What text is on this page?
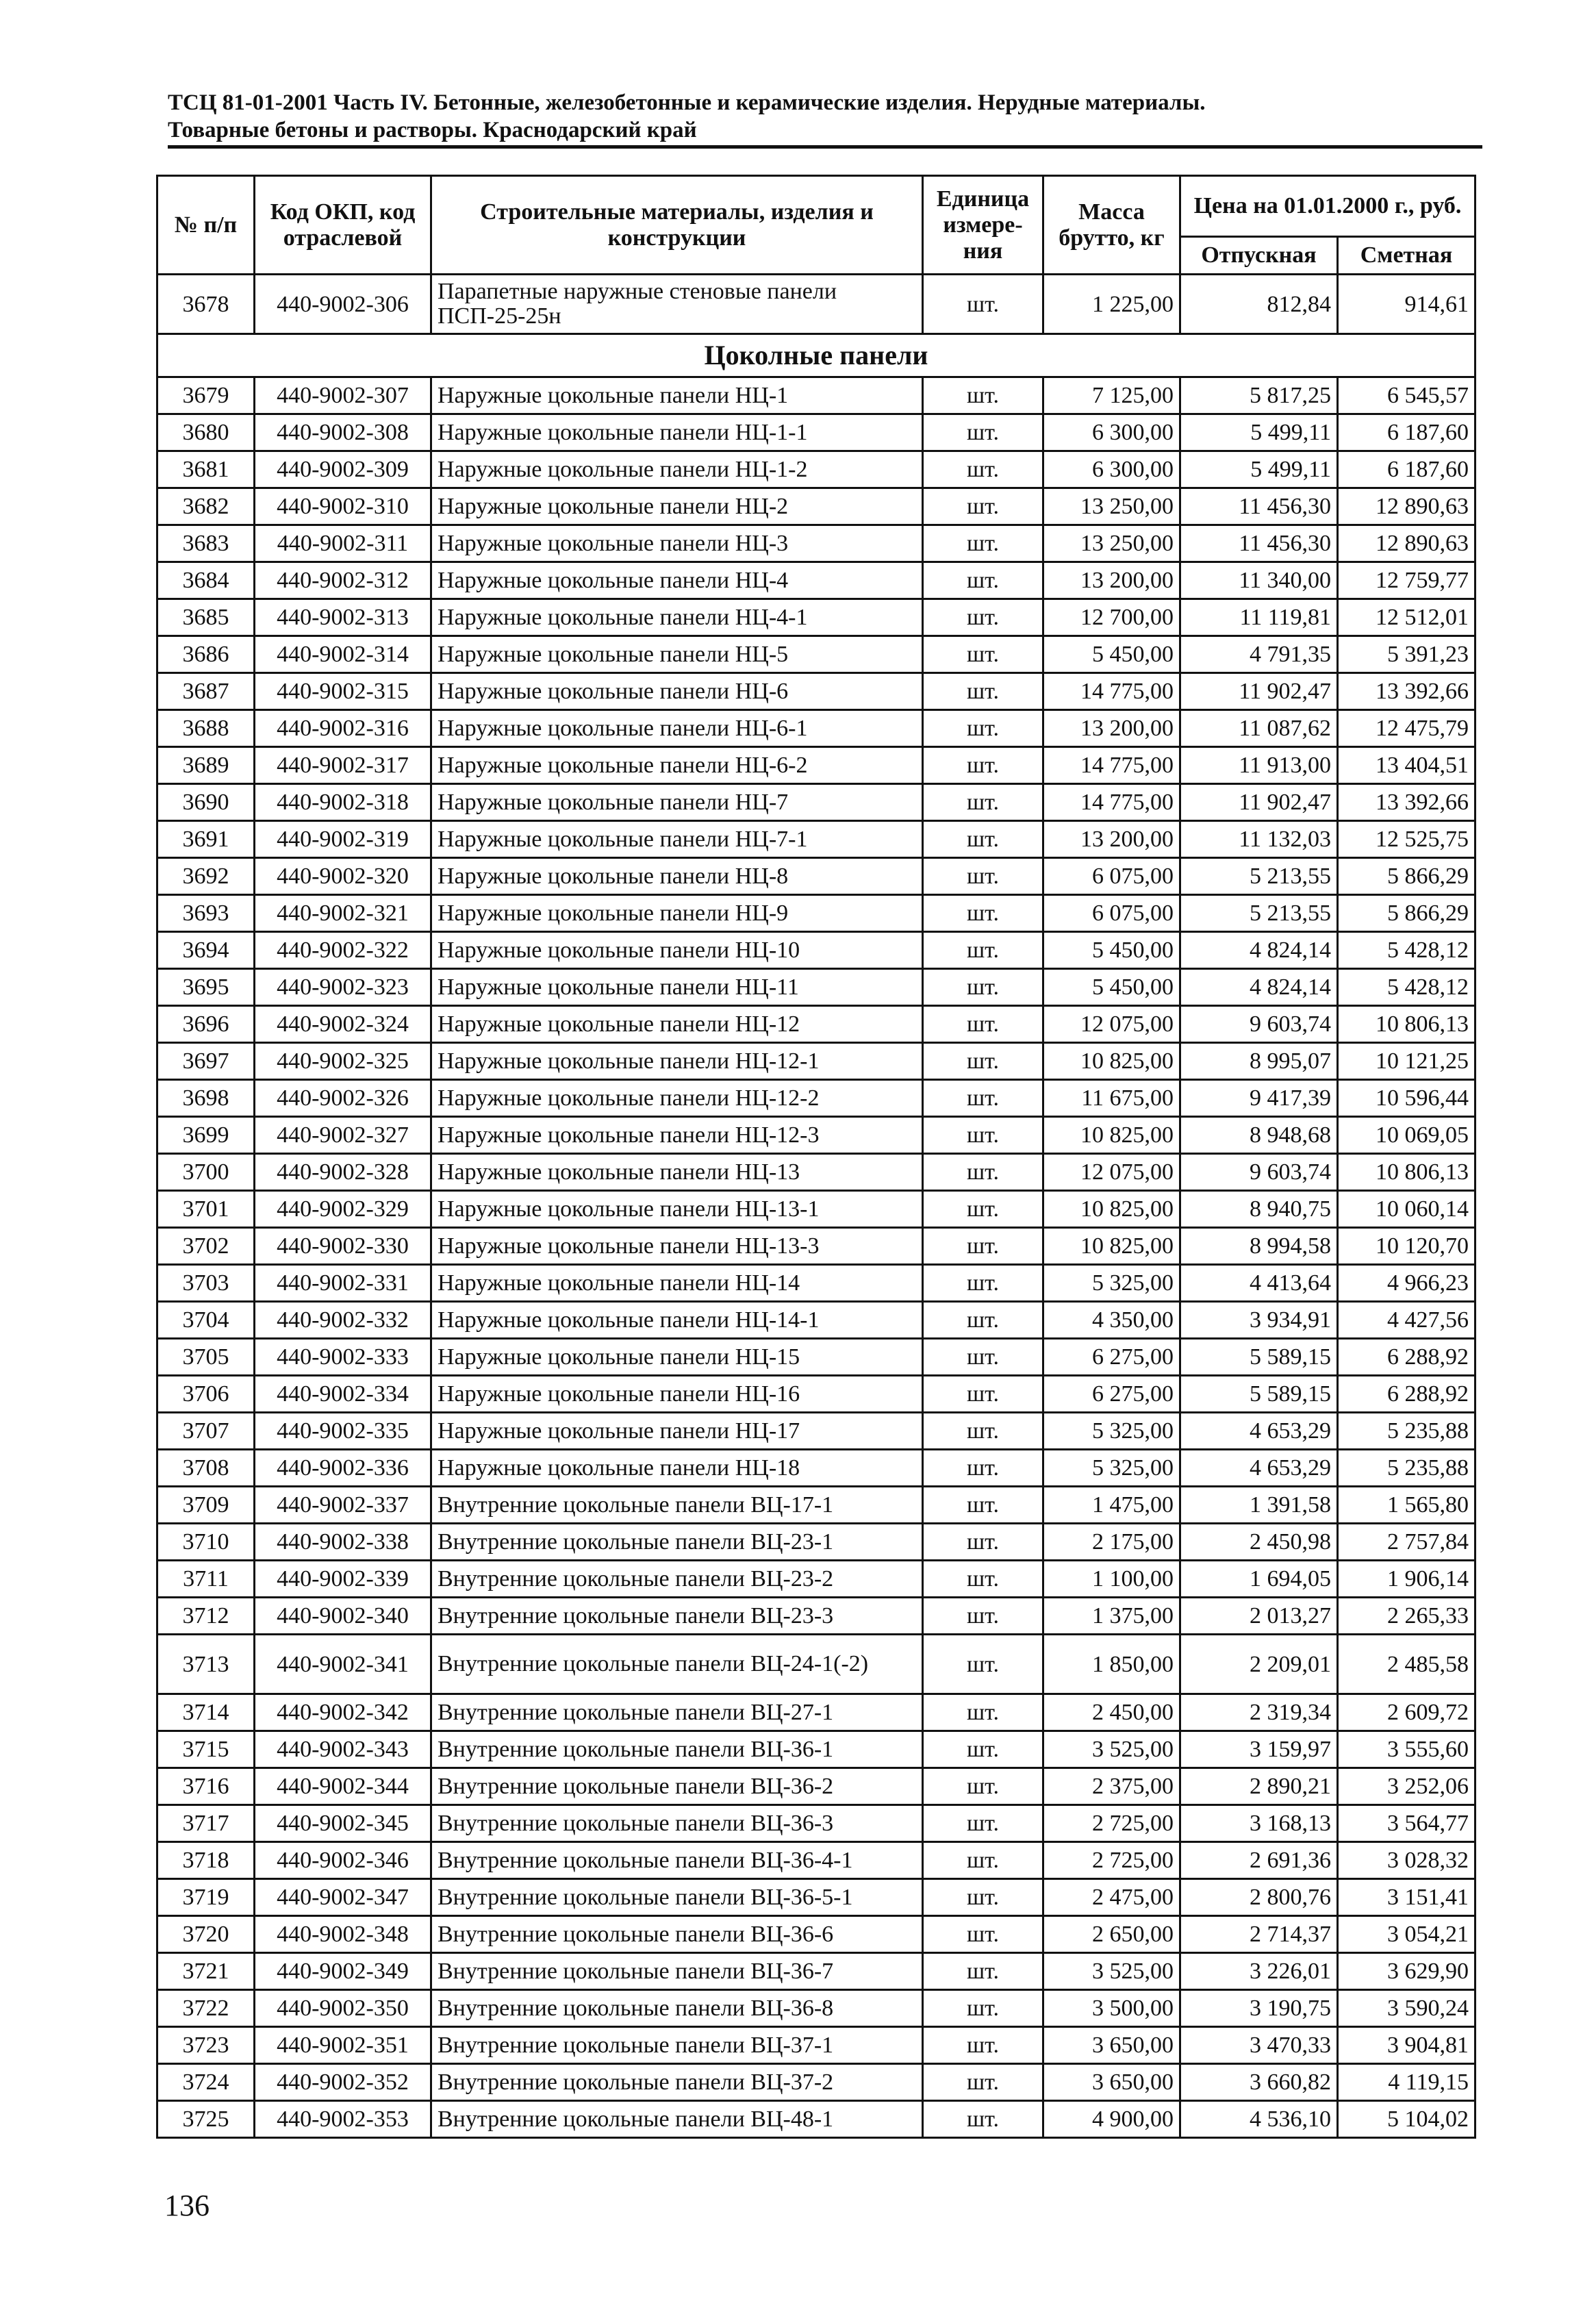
ТСЦ 81-01-2001 Часть IV. Бетонные, железобетонные и керамические изделия. Нерудные материалы.
Товарные бетоны и растворы. Краснодарский край
№ п/п	Код ОКП, код отраслевой	Строительные материалы, изделия и конструкции	Единица измере-ния	Масса брутто, кг	Цена на 01.01.2000 г., руб.	
					Отпускная	Сметная
3678	440-9002-306	Парапетные наружные стеновые панели ПСП-25-25н	шт.	1 225,00	812,84	914,61
Цоколные панели						
3679	440-9002-307	Наружные цокольные панели НЦ-1	шт.	7 125,00	5 817,25	6 545,57
3680	440-9002-308	Наружные цокольные панели НЦ-1-1	шт.	6 300,00	5 499,11	6 187,60
3681	440-9002-309	Наружные цокольные панели НЦ-1-2	шт.	6 300,00	5 499,11	6 187,60
3682	440-9002-310	Наружные цокольные панели НЦ-2	шт.	13 250,00	11 456,30	12 890,63
3683	440-9002-311	Наружные цокольные панели НЦ-3	шт.	13 250,00	11 456,30	12 890,63
3684	440-9002-312	Наружные цокольные панели НЦ-4	шт.	13 200,00	11 340,00	12 759,77
3685	440-9002-313	Наружные цокольные панели НЦ-4-1	шт.	12 700,00	11 119,81	12 512,01
3686	440-9002-314	Наружные цокольные панели НЦ-5	шт.	5 450,00	4 791,35	5 391,23
3687	440-9002-315	Наружные цокольные панели НЦ-6	шт.	14 775,00	11 902,47	13 392,66
3688	440-9002-316	Наружные цокольные панели НЦ-6-1	шт.	13 200,00	11 087,62	12 475,79
3689	440-9002-317	Наружные цокольные панели НЦ-6-2	шт.	14 775,00	11 913,00	13 404,51
3690	440-9002-318	Наружные цокольные панели НЦ-7	шт.	14 775,00	11 902,47	13 392,66
3691	440-9002-319	Наружные цокольные панели НЦ-7-1	шт.	13 200,00	11 132,03	12 525,75
3692	440-9002-320	Наружные цокольные панели НЦ-8	шт.	6 075,00	5 213,55	5 866,29
3693	440-9002-321	Наружные цокольные панели НЦ-9	шт.	6 075,00	5 213,55	5 866,29
3694	440-9002-322	Наружные цокольные панели НЦ-10	шт.	5 450,00	4 824,14	5 428,12
3695	440-9002-323	Наружные цокольные панели НЦ-11	шт.	5 450,00	4 824,14	5 428,12
3696	440-9002-324	Наружные цокольные панели НЦ-12	шт.	12 075,00	9 603,74	10 806,13
3697	440-9002-325	Наружные цокольные панели НЦ-12-1	шт.	10 825,00	8 995,07	10 121,25
3698	440-9002-326	Наружные цокольные панели НЦ-12-2	шт.	11 675,00	9 417,39	10 596,44
3699	440-9002-327	Наружные цокольные панели НЦ-12-3	шт.	10 825,00	8 948,68	10 069,05
3700	440-9002-328	Наружные цокольные панели НЦ-13	шт.	12 075,00	9 603,74	10 806,13
3701	440-9002-329	Наружные цокольные панели НЦ-13-1	шт.	10 825,00	8 940,75	10 060,14
3702	440-9002-330	Наружные цокольные панели НЦ-13-3	шт.	10 825,00	8 994,58	10 120,70
3703	440-9002-331	Наружные цокольные панели НЦ-14	шт.	5 325,00	4 413,64	4 966,23
3704	440-9002-332	Наружные цокольные панели НЦ-14-1	шт.	4 350,00	3 934,91	4 427,56
3705	440-9002-333	Наружные цокольные панели НЦ-15	шт.	6 275,00	5 589,15	6 288,92
3706	440-9002-334	Наружные цокольные панели НЦ-16	шт.	6 275,00	5 589,15	6 288,92
3707	440-9002-335	Наружные цокольные панели НЦ-17	шт.	5 325,00	4 653,29	5 235,88
3708	440-9002-336	Наружные цокольные панели НЦ-18	шт.	5 325,00	4 653,29	5 235,88
3709	440-9002-337	Внутренние цокольные панели ВЦ-17-1	шт.	1 475,00	1 391,58	1 565,80
3710	440-9002-338	Внутренние цокольные панели ВЦ-23-1	шт.	2 175,00	2 450,98	2 757,84
3711	440-9002-339	Внутренние цокольные панели ВЦ-23-2	шт.	1 100,00	1 694,05	1 906,14
3712	440-9002-340	Внутренние цокольные панели ВЦ-23-3	шт.	1 375,00	2 013,27	2 265,33
3713	440-9002-341	Внутренние цокольные панели ВЦ-24-1(-2)	шт.	1 850,00	2 209,01	2 485,58
3714	440-9002-342	Внутренние цокольные панели ВЦ-27-1	шт.	2 450,00	2 319,34	2 609,72
3715	440-9002-343	Внутренние цокольные панели ВЦ-36-1	шт.	3 525,00	3 159,97	3 555,60
3716	440-9002-344	Внутренние цокольные панели ВЦ-36-2	шт.	2 375,00	2 890,21	3 252,06
3717	440-9002-345	Внутренние цокольные панели ВЦ-36-3	шт.	2 725,00	3 168,13	3 564,77
3718	440-9002-346	Внутренние цокольные панели ВЦ-36-4-1	шт.	2 725,00	2 691,36	3 028,32
3719	440-9002-347	Внутренние цокольные панели ВЦ-36-5-1	шт.	2 475,00	2 800,76	3 151,41
3720	440-9002-348	Внутренние цокольные панели ВЦ-36-6	шт.	2 650,00	2 714,37	3 054,21
3721	440-9002-349	Внутренние цокольные панели ВЦ-36-7	шт.	3 525,00	3 226,01	3 629,90
3722	440-9002-350	Внутренние цокольные панели ВЦ-36-8	шт.	3 500,00	3 190,75	3 590,24
3723	440-9002-351	Внутренние цокольные панели ВЦ-37-1	шт.	3 650,00	3 470,33	3 904,81
3724	440-9002-352	Внутренние цокольные панели ВЦ-37-2	шт.	3 650,00	3 660,82	4 119,15
3725	440-9002-353	Внутренние цокольные панели ВЦ-48-1	шт.	4 900,00	4 536,10	5 104,02
136
